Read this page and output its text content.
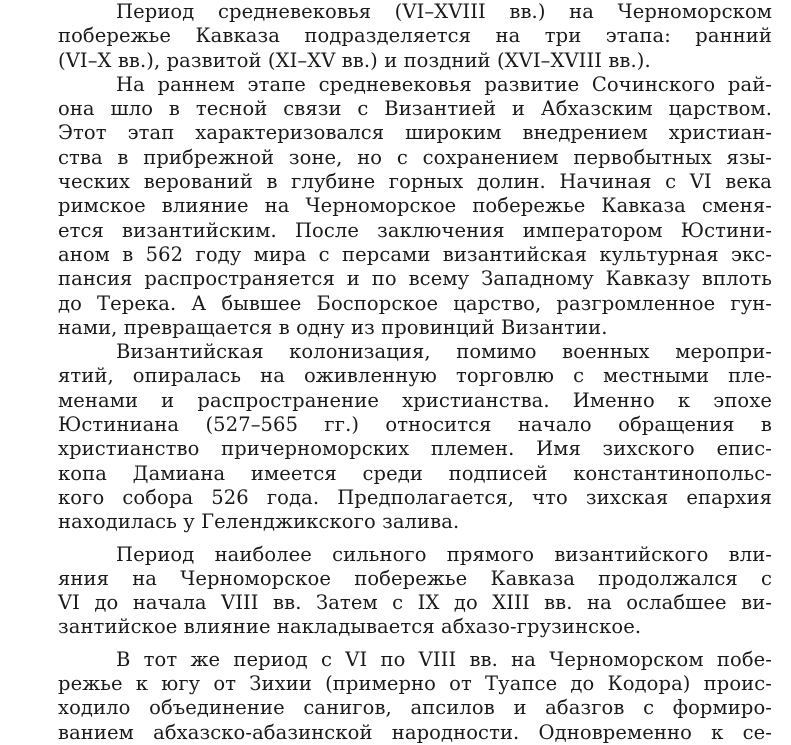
Период средневековья (VI–XVIII вв.) на Черноморском
побережье Кавказа подразделяется на три этапа: ранний
(VI–X вв.), развитой (XI–XV вв.) и поздний (XVI–XVIII вв.).
На раннем этапе средневековья развитие Сочинского рай-
она шло в тесной связи с Византией и Абхазским царством.
Этот этап характеризовался широким внедрением христиан-
ства в прибрежной зоне, но с сохранением первобытных язы-
ческих верований в глубине горных долин. Начиная с VI века
римское влияние на Черноморское побережье Кавказа сменя-
ется византийским. После заключения императором Юстини-
аном в 562 году мира с персами византийская культурная экс-
пансия распространяется и по всему Западному Кавказу вплоть
до Терека. А бывшее Боспорское царство, разгромленное гун-
нами, превращается в одну из провинций Византии.
Византийская колонизация, помимо военных меропри-
ятий, опиралась на оживленную торговлю с местными пле-
менами и распространение христианства. Именно к эпохе
Юстиниана (527–565 гг.) относится начало обращения в
христианство причерноморских племен. Имя зихского епис-
копа Дамиана имеется среди подписей константинопольс-
кого собора 526 года. Предполагается, что зихская епархия
находилась у Геленджикского залива.
Период наиболее сильного прямого византийского вли-
яния на Черноморское побережье Кавказа продолжался с
VI до начала VIII вв. Затем с IX до XIII вв. на ослабшее ви-
зантийское влияние накладывается абхазо-грузинское.
В тот же период с VI по VIII вв. на Черноморском побе-
режье к югу от Зихии (примерно от Туапсе до Кодора) проис-
ходило объединение санигов, апсилов и абазгов с формиро-
ванием абхазско-абазинской народности. Одновременно к се-
